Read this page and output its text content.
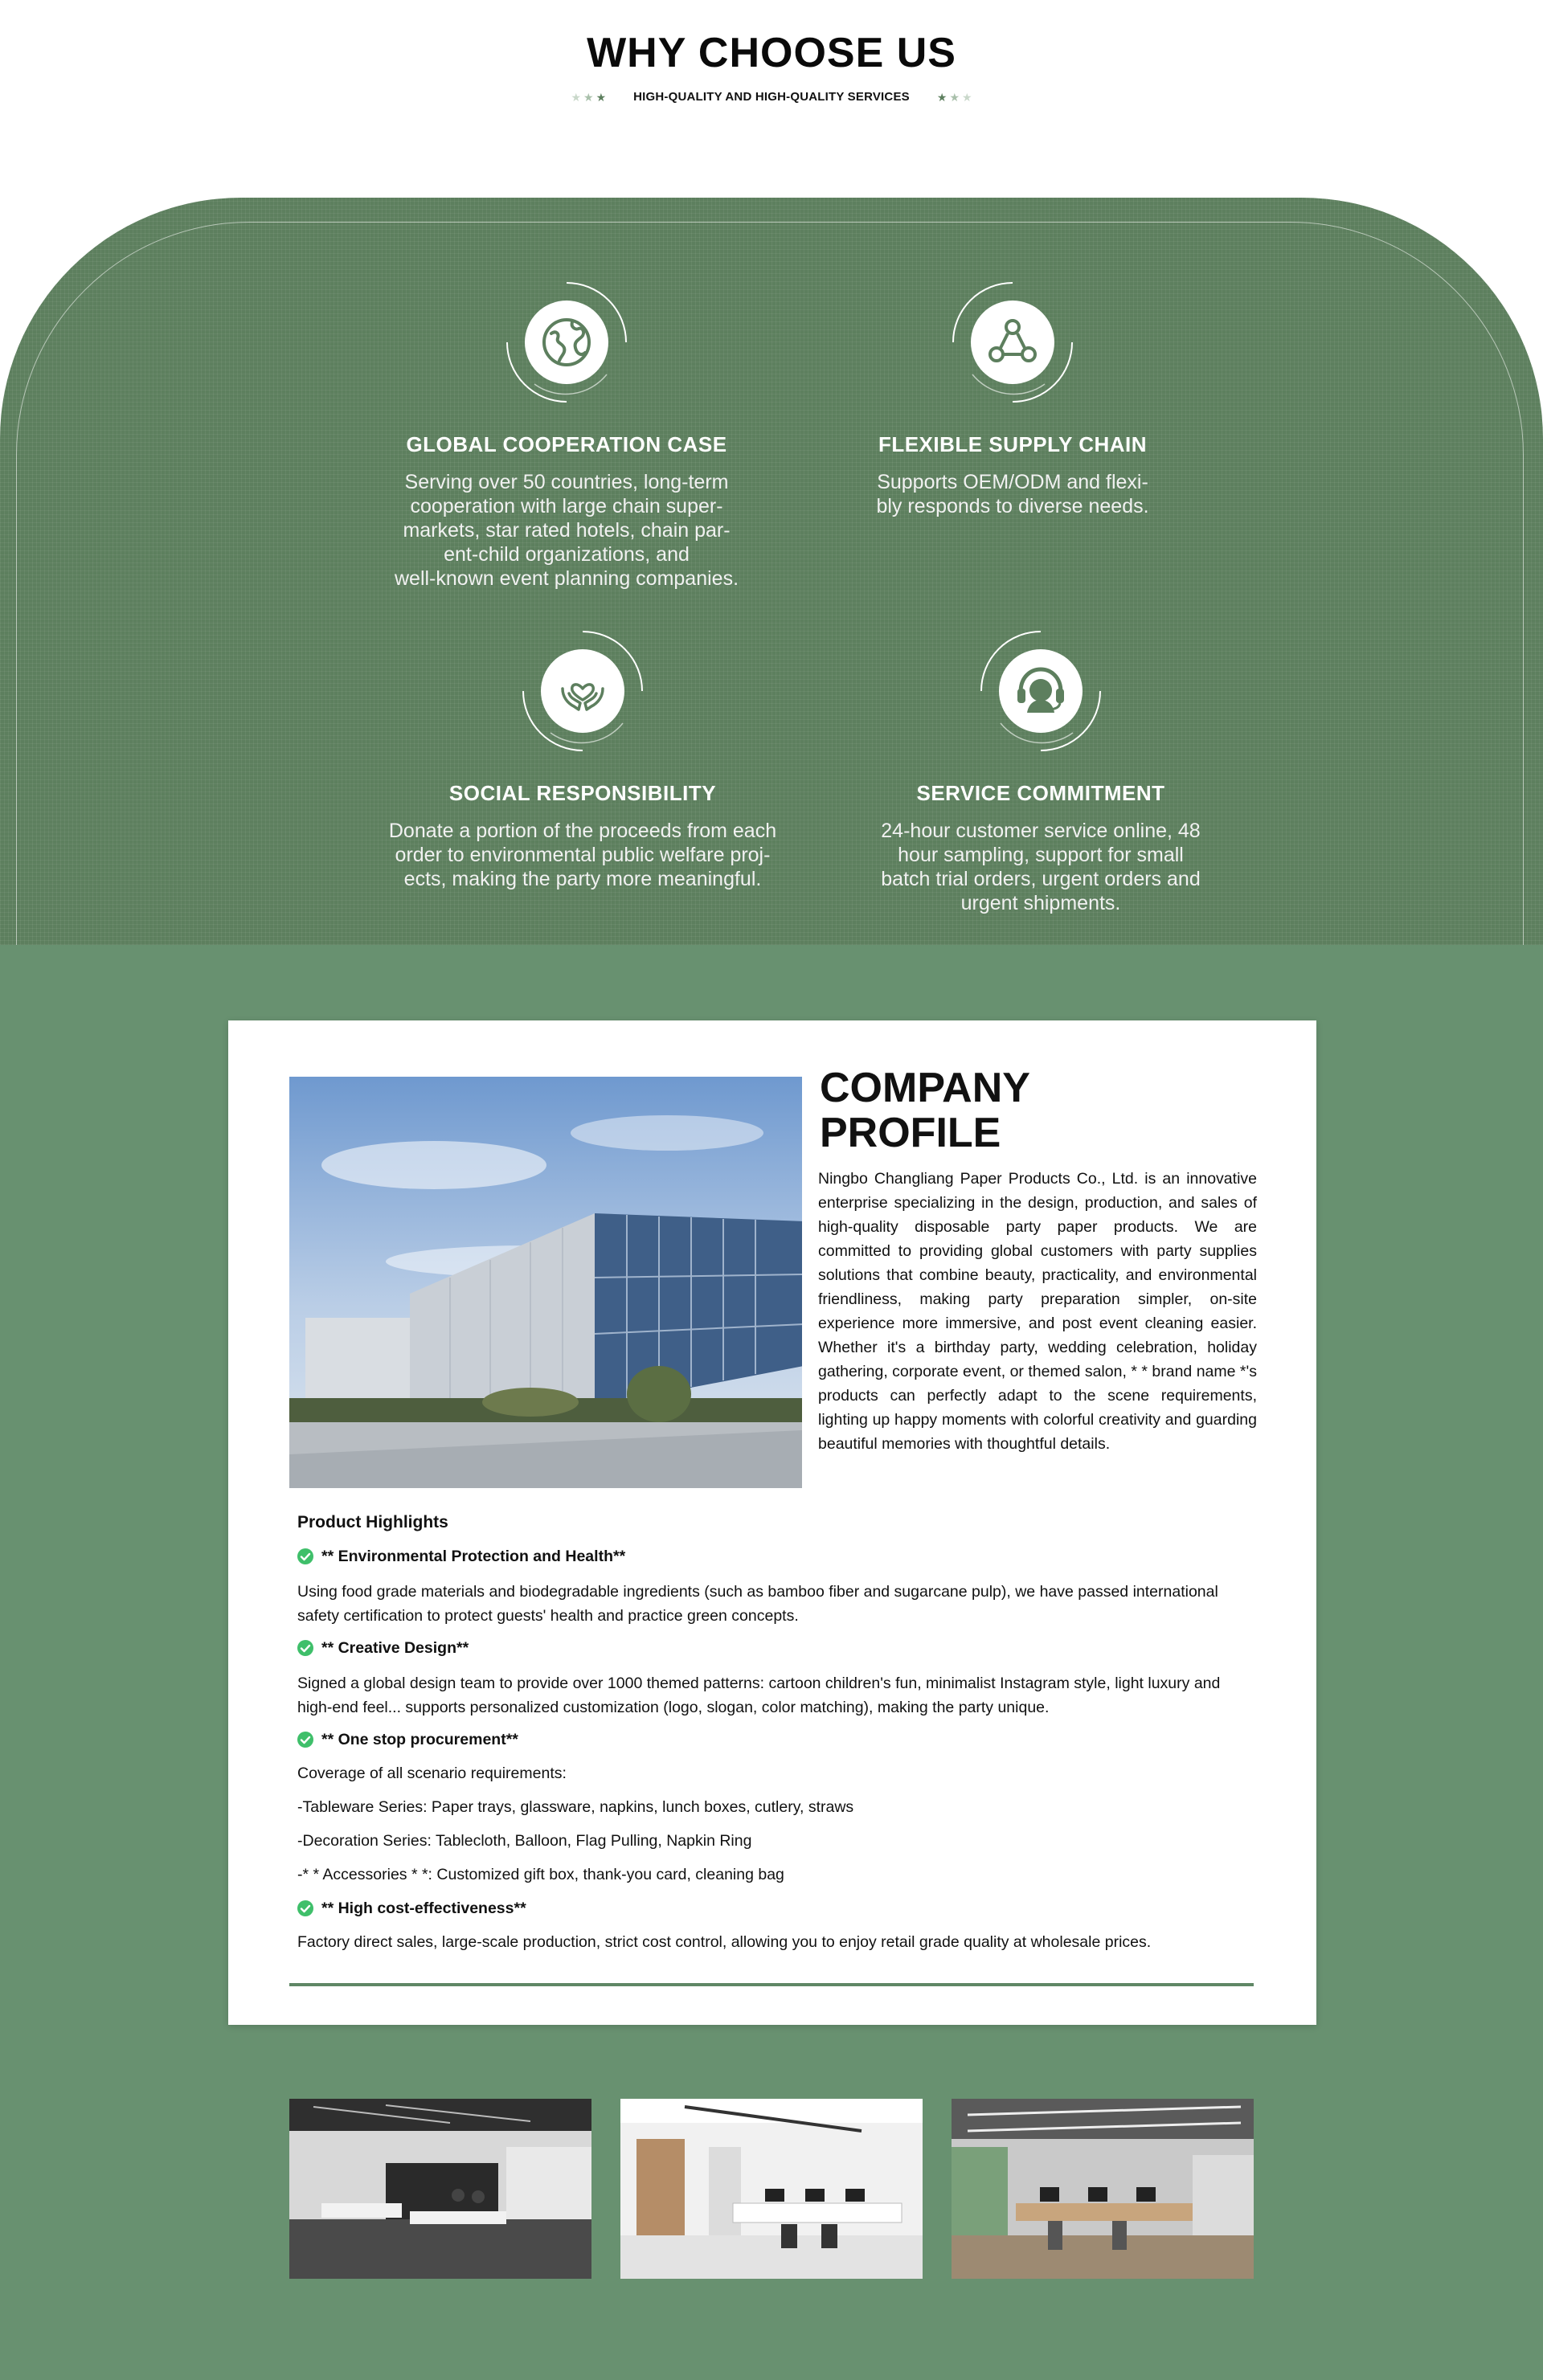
WHY CHOOSE US
★ ★ ★ HIGH-QUALITY AND HIGH-QUALITY SERVICES ★ ★ ★
GLOBAL COOPERATION CASE

Serving over 50 countries, long-term
cooperation with large chain super-
markets, star rated hotels, chain par-
ent-child organizations, and
well-known event planning companies.

FLEXIBLE SUPPLY CHAIN

Supports OEM/ODM and flexi-
bly responds to diverse needs.

SOCIAL RESPONSIBILITY

Donate a portion of the proceeds from each
order to environmental public welfare proj-
ects, making the party more meaningful.

SERVICE COMMITMENT

24-hour customer service online, 48
hour sampling, support for small
batch trial orders, urgent orders and
urgent shipments.

COMPANY
PROFILE

Ningbo Changliang Paper Products Co., Ltd. is an innovative enterprise specializing in the design, production, and sales of high-quality disposable party paper products. We are committed to providing global customers with party supplies solutions that combine beauty, practicality, and environmental friendliness, making party preparation simpler, on-site experience more immersive, and post event cleaning easier. Whether it's a birthday party, wedding celebration, holiday gathering, corporate event, or themed salon, * * brand name *'s products can perfectly adapt to the scene requirements, lighting up happy moments with colorful creativity and guarding beautiful memories with thoughtful details.

Product Highlights
** Environmental Protection and Health**

Using food grade materials and biodegradable ingredients (such as bamboo fiber and sugarcane pulp), we have passed international safety certification to protect guests' health and practice green concepts.

** Creative Design**

Signed a global design team to provide over 1000 themed patterns: cartoon children's fun, minimalist Instagram style, light luxury and high-end feel... supports personalized customization (logo, slogan, color matching), making the party unique.

** One stop procurement**

Coverage of all scenario requirements:

-Tableware Series: Paper trays, glassware, napkins, lunch boxes, cutlery, straws

-Decoration Series: Tablecloth, Balloon, Flag Pulling, Napkin Ring

-* * Accessories * *: Customized gift box, thank-you card, cleaning bag

** High cost-effectiveness**

Factory direct sales, large-scale production, strict cost control, allowing you to enjoy retail grade quality at wholesale prices.
